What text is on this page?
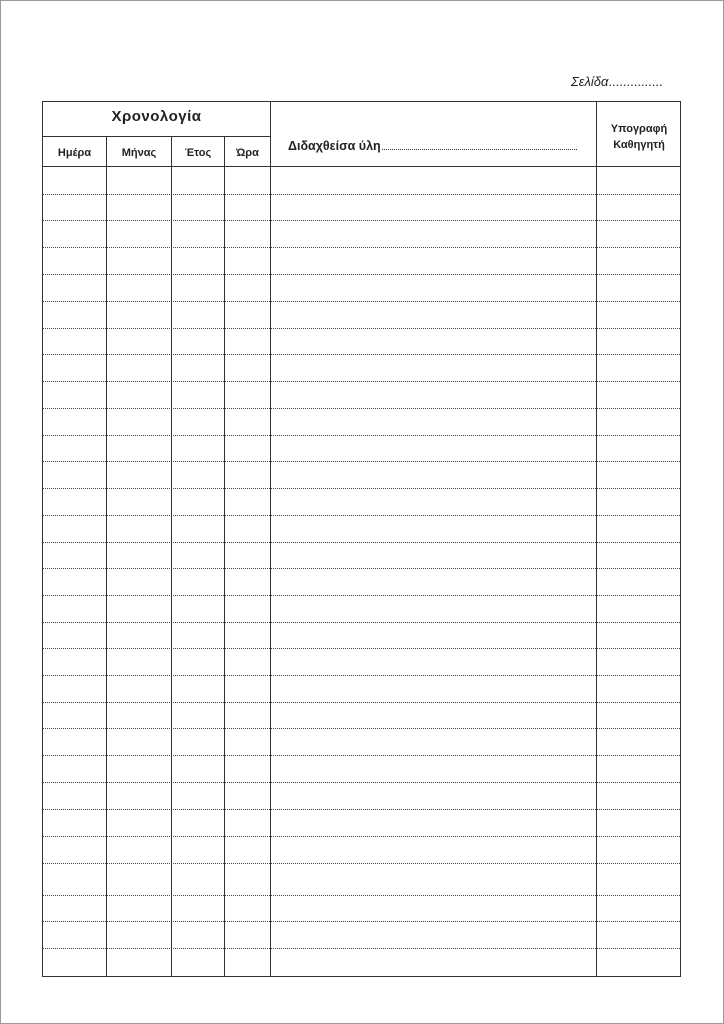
Σελίδα...............
Χρονολογία
Ημέρα	Μήνας	Έτος	Ώρα	Διδαχθείσα ύλη
Υπογραφή
Καθηγητή
